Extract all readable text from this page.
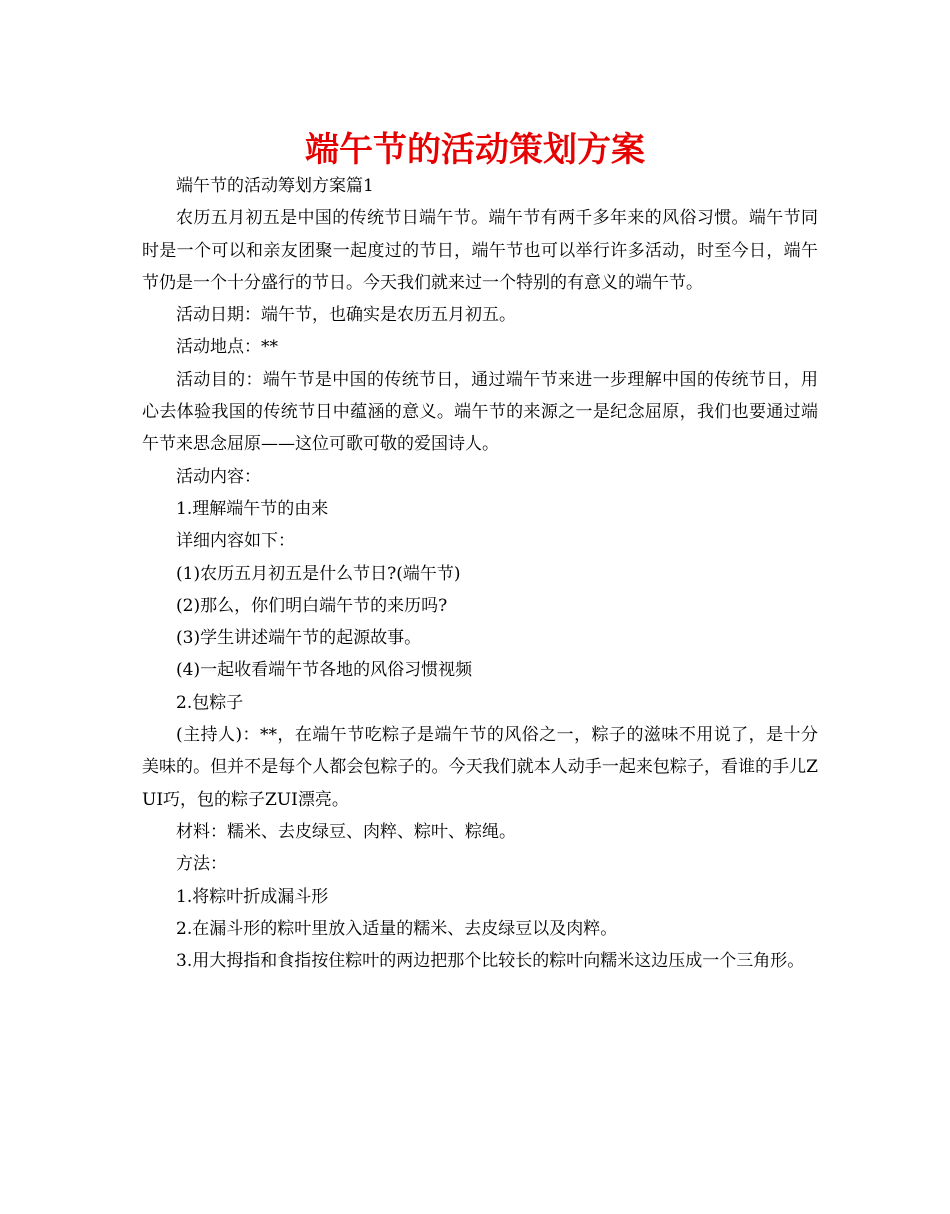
端午节的活动策划方案

端午节的活动筹划方案篇1

农历五月初五是中国的传统节日端午节。端午节有两千多年来的风俗习惯。端午节同时是一个可以和亲友团聚一起度过的节日，端午节也可以举行许多活动，时至今日，端午节仍是一个十分盛行的节日。今天我们就来过一个特别的有意义的端午节。

活动日期：端午节，也确实是农历五月初五。

活动地点：**

活动目的：端午节是中国的传统节日，通过端午节来进一步理解中国的传统节日，用心去体验我国的传统节日中蕴涵的意义。端午节的来源之一是纪念屈原，我们也要通过端午节来思念屈原——这位可歌可敬的爱国诗人。

活动内容：

1.理解端午节的由来

详细内容如下：

(1)农历五月初五是什么节日?(端午节)

(2)那么，你们明白端午节的来历吗?

(3)学生讲述端午节的起源故事。

(4)一起收看端午节各地的风俗习惯视频

2.包粽子

(主持人)：**，在端午节吃粽子是端午节的风俗之一，粽子的滋味不用说了，是十分美味的。但并不是每个人都会包粽子的。今天我们就本人动手一起来包粽子，看谁的手儿ZUI巧，包的粽子ZUI漂亮。

材料：糯米、去皮绿豆、肉粹、粽叶、粽绳。

方法：

1.将粽叶折成漏斗形

2.在漏斗形的粽叶里放入适量的糯米、去皮绿豆以及肉粹。

3.用大拇指和食指按住粽叶的两边把那个比较长的粽叶向糯米这边压成一个三角形。
